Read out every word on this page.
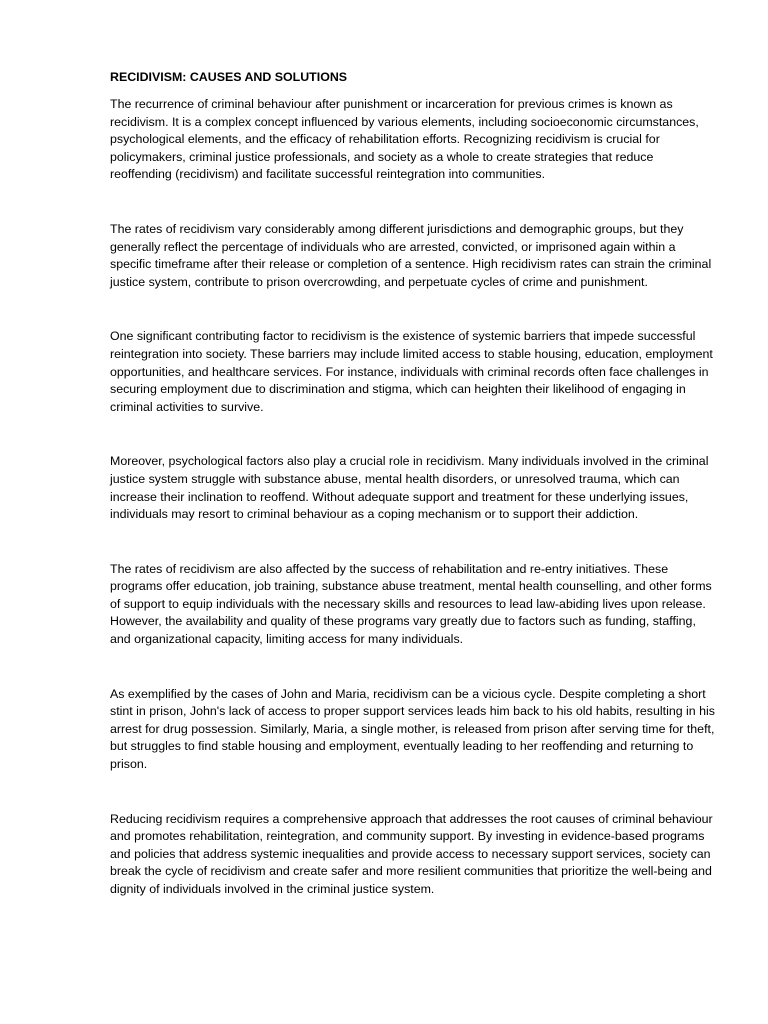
RECIDIVISM: CAUSES AND SOLUTIONS

The recurrence of criminal behaviour after punishment or incarceration for previous crimes is known as recidivism. It is a complex concept influenced by various elements, including socioeconomic circumstances, psychological elements, and the efficacy of rehabilitation efforts. Recognizing recidivism is crucial for policymakers, criminal justice professionals, and society as a whole to create strategies that reduce reoffending (recidivism) and facilitate successful reintegration into communities.

The rates of recidivism vary considerably among different jurisdictions and demographic groups, but they generally reflect the percentage of individuals who are arrested, convicted, or imprisoned again within a specific timeframe after their release or completion of a sentence. High recidivism rates can strain the criminal justice system, contribute to prison overcrowding, and perpetuate cycles of crime and punishment.

One significant contributing factor to recidivism is the existence of systemic barriers that impede successful reintegration into society. These barriers may include limited access to stable housing, education, employment opportunities, and healthcare services. For instance, individuals with criminal records often face challenges in securing employment due to discrimination and stigma, which can heighten their likelihood of engaging in criminal activities to survive.

Moreover, psychological factors also play a crucial role in recidivism. Many individuals involved in the criminal justice system struggle with substance abuse, mental health disorders, or unresolved trauma, which can increase their inclination to reoffend. Without adequate support and treatment for these underlying issues, individuals may resort to criminal behaviour as a coping mechanism or to support their addiction.

The rates of recidivism are also affected by the success of rehabilitation and re-entry initiatives. These programs offer education, job training, substance abuse treatment, mental health counselling, and other forms of support to equip individuals with the necessary skills and resources to lead law-abiding lives upon release. However, the availability and quality of these programs vary greatly due to factors such as funding, staffing, and organizational capacity, limiting access for many individuals.

As exemplified by the cases of John and Maria, recidivism can be a vicious cycle. Despite completing a short stint in prison, John's lack of access to proper support services leads him back to his old habits, resulting in his arrest for drug possession. Similarly, Maria, a single mother, is released from prison after serving time for theft, but struggles to find stable housing and employment, eventually leading to her reoffending and returning to prison.

Reducing recidivism requires a comprehensive approach that addresses the root causes of criminal behaviour and promotes rehabilitation, reintegration, and community support. By investing in evidence-based programs and policies that address systemic inequalities and provide access to necessary support services, society can break the cycle of recidivism and create safer and more resilient communities that prioritize the well-being and dignity of individuals involved in the criminal justice system.
